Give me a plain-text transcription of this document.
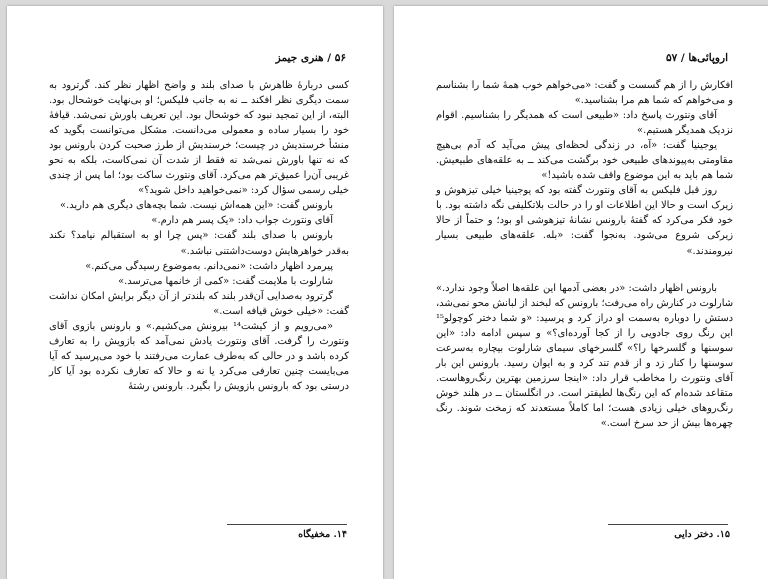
۵۶ / هنری جیمز

کسی دربارهٔ ظاهرش با صدای بلند و واضح اظهار نظر کند. گرترود به سمت دیگری نظر افکند ــ نه به جانب فلیکس؛ او بی‌نهایت خوشحال بود. البته، از این تمجید نبود که خوشحال بود. این تعریف باورش نمی‌شد. قیافهٔ خود را بسیار ساده و معمولی می‌دانست. مشکل می‌توانست بگوید که منشأ خرسندیش در چیست؛ خرسندیش از طرز صحبت کردن بارونس بود که نه تنها باورش نمی‌شد نه فقط از شدت آن نمی‌کاست، بلکه به نحو غریبی آن‌را عمیق‌تر هم می‌کرد. آقای ونتورث ساکت بود؛ اما پس از چندی خیلی رسمی سؤال کرد: «نمی‌خواهید داخل شوید؟»

بارونس گفت: «این همه‌اش نیست. شما بچه‌های دیگری هم دارید.»

آقای ونتورث جواب داد: «یک پسر هم دارم.»

بارونس با صدای بلند گفت: «پس چرا او به استقبالم نیامد؟ نکند به‌قدر خواهرهایش دوست‌داشتنی نباشد.»

پیرمرد اظهار داشت: «نمی‌دانم. به‌موضوع رسیدگی می‌کنم.»

شارلوت با ملایمت گفت: «کمی از خانمها می‌ترسد.»

گرترود به‌صدایی آن‌قدر بلند که بلندتر از آن دیگر برایش امکان نداشت گفت: «خیلی خوش قیافه است.»

«می‌رویم و از کیشت¹⁴ بیرونش می‌کشیم.» و بارونس بازوی آقای ونتورث را گرفت. آقای ونتورث یادش نمی‌آمد که بازویش را به تعارف کرده باشد و در حالی که به‌طرف عمارت می‌رفتند با خود می‌پرسید که آیا می‌بایست چنین تعارفی می‌کرد یا نه و حالا که تعارف نکرده بود آیا کار درستی بود که بارونس بازویش را بگیرد. بارونس رشتهٔ

۱۴. مخفیگاه
اروپائی‌ها / ۵۷

افکارش را از هم گسست و گفت: «می‌خواهم خوب همهٔ شما را بشناسم و می‌خواهم که شما هم مرا بشناسید.»

آقای ونتورث پاسخ داد: «طبیعی است که همدیگر را بشناسیم. اقوام نزدیک همدیگر هستیم.»

یوجینیا گفت: «آه، در زندگی لحظه‌ای پیش می‌آید که آدم بی‌هیچ مقاومتی به‌پیوندهای طبیعی خود برگشت می‌کند ــ به علقه‌های طبیعیش. شما هم باید به این موضوع واقف شده باشید!»

روز قبل فلیکس به آقای ونتورث گفته بود که یوجینیا خیلی تیزهوش و زیرک است و حالا این اطلاعات او را در حالت بلاتکلیفی نگه داشته بود. با خود فکر می‌کرد که گفتهٔ بارونس نشانهٔ تیزهوشی او بود؛ و حتماً از حالا زیرکی شروع می‌شود. به‌نجوا گفت: «بله. علقه‌های طبیعی بسیار نیرومندند.»

بارونس اظهار داشت: «در بعضی آدمها این علقه‌ها اصلاً وجود ندارد.» شارلوت در کنارش راه می‌رفت؛ بارونس که لبخند از لبانش محو نمی‌شد، دستش را دوباره به‌سمت او دراز کرد و پرسید: «و شما دختر کوچولو¹⁵ این رنگ روی جادویی را از کجا آورده‌ای؟» و سپس ادامه داد: «این سوسنها و گلسرخها را؟» گلسرخهای سیمای شارلوت بیچاره به‌سرعت سوسنها را کنار زد و از قدم تند کرد و به ایوان رسید. بارونس این بار آقای ونتورث را مخاطب قرار داد: «اینجا سرزمین بهترین رنگ‌رو‌هاست. متقاعد شده‌ام که این رنگ‌ها لطیفتر است. در انگلستان ــ در هلند خوش رنگ‌رو‌های خیلی زیادی هست؛ اما کاملاً مستعدند که زمخت شوند. رنگ چهره‌ها بیش از حد سرخ است.»

۱۵. دختر دایی
